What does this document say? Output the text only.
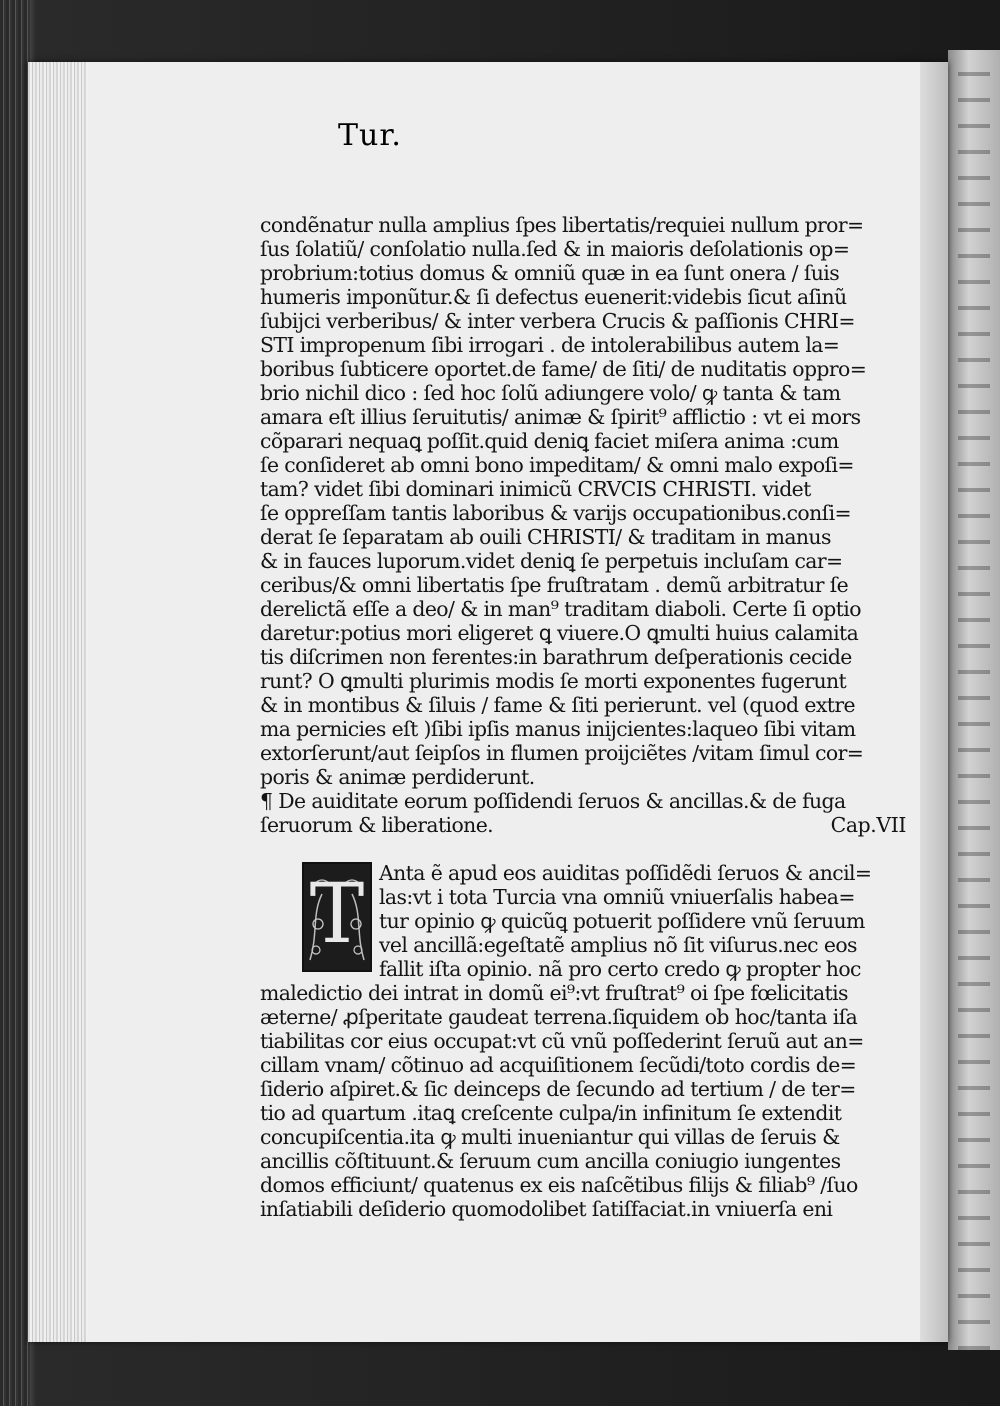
Tur.
condẽnatur nulla amplius ſpes libertatis/requiei nullum pror=
ſus ſolatiũ/ conſolatio nulla.ſed & in maioris deſolationis op=
probrium:totius domus & omniũ quæ in ea ſunt onera / ſuis
humeris imponũtur.& ſi defectus euenerit:videbis ſicut aſinũ
ſubijci verberibus/ & inter verbera Crucis & paſſionis CHRI=
STI impropenum ſibi irrogari . de intolerabilibus autem la=
boribus ſubticere oportet.de fame/ de ſiti/ de nuditatis oppro=
brio nichil dico : ſed hoc ſolũ adiungere volo/ ꝙ tanta & tam
amara eſt illius ſeruitutis/ animæ & ſpirit⁹ afflictio : vt ei mors
cõparari nequaꝗ poſſit.quid deniꝗ faciet miſera anima :cum
ſe conſideret ab omni bono impeditam/ & omni malo expoſi=
tam? videt ſibi dominari inimicũ CRVCIS CHRISTI. videt
ſe oppreſſam tantis laboribus & varijs occupationibus.conſi=
derat ſe ſeparatam ab ouili CHRISTI/ & traditam in manus
& in fauces luporum.videt deniꝗ ſe perpetuis incluſam car=
ceribus/& omni libertatis ſpe fruſtratam . demũ arbitratur ſe
derelictã eſſe a deo/ & in man⁹ traditam diaboli. Certe ſi optio
daretur:potius mori eligeret ꝗ viuere.O ꝗmulti huius calamita
tis diſcrimen non ferentes:in barathrum deſperationis cecide
runt? O ꝗmulti plurimis modis ſe morti exponentes fugerunt
& in montibus & ſiluis / fame & ſiti perierunt. vel (quod extre
ma pernicies eſt )ſibi ipſis manus inijcientes:laqueo ſibi vitam
extorſerunt/aut ſeipſos in flumen proijciẽtes /vitam ſimul cor=
poris & animæ perdiderunt.
¶ De auiditate eorum poſſidendi ſeruos & ancillas.& de fuga
ſeruorum & liberatione.	Cap.VII
T Anta ẽ apud eos auiditas poſſidẽdi ſeruos & ancil=
las:vt i tota Turcia vna omniũ vniuerſalis habea=
tur opinio ꝙ quicũꝗ potuerit poſſidere vnũ ſeruum
vel ancillã:egeſtatẽ amplius nõ ſit viſurus.nec eos
fallit iſta opinio. nã pro certo credo ꝙ propter hoc
maledictio dei intrat in domũ ei⁹:vt fruſtrat⁹ oi ſpe fœlicitatis
æterne/ ꝓſperitate gaudeat terrena.ſiquidem ob hoc/tanta iſa
tiabilitas cor eius occupat:vt cũ vnũ poſſederint ſeruũ aut an=
cillam vnam/ cõtinuo ad acquiſitionem ſecũdi/toto cordis de=
ſiderio aſpiret.& ſic deinceps de ſecundo ad tertium / de ter=
tio ad quartum .itaꝗ creſcente culpa/in infinitum ſe extendit
concupiſcentia.ita ꝙ multi inueniantur qui villas de ſeruis &
ancillis cõſtituunt.& ſeruum cum ancilla coniugio iungentes
domos efficiunt/ quatenus ex eis naſcẽtibus filijs & filiab⁹ /ſuo
inſatiabili deſiderio quomodolibet ſatiſfaciat.in vniuerſa eni
